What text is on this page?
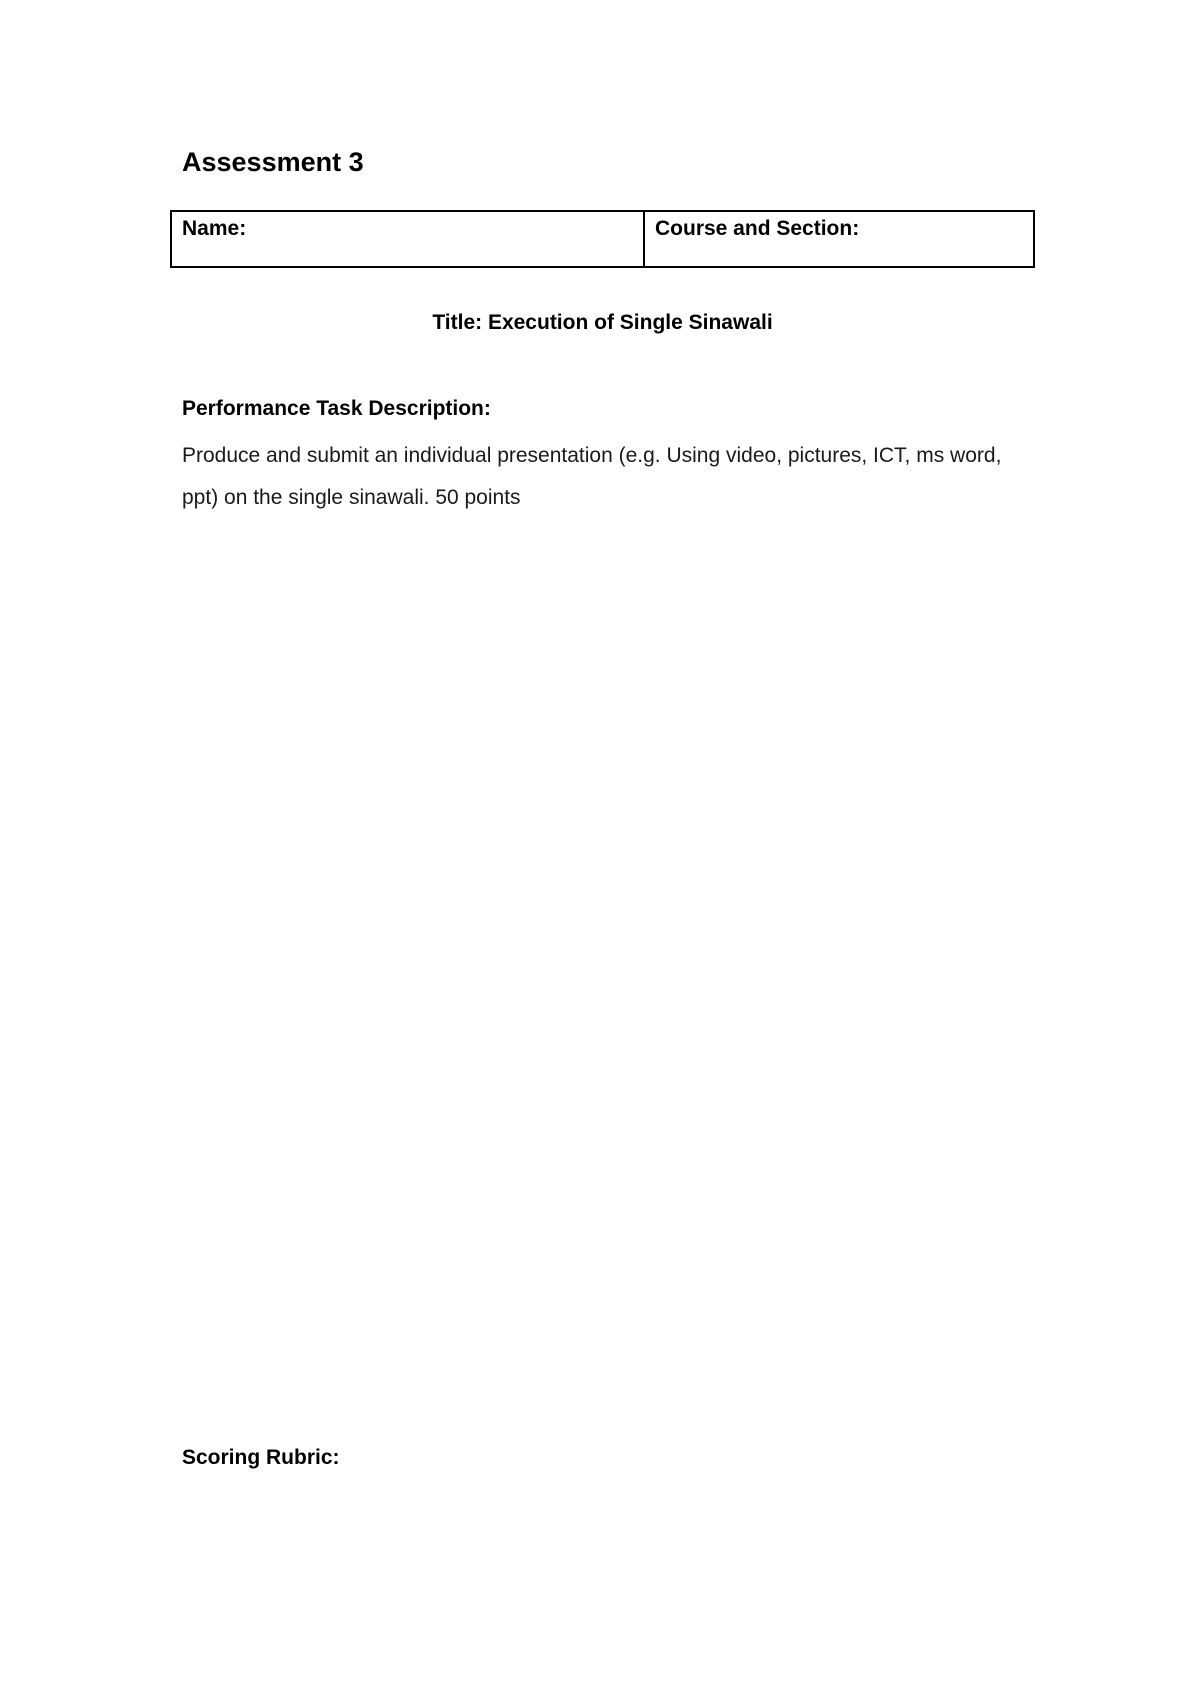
Assessment 3
Name:	Course and Section:

Title: Execution of Single Sinawali

Performance Task Description:

Produce and submit an individual presentation (e.g. Using video, pictures, ICT, ms word, ppt) on the single sinawali. 50 points

Scoring Rubric:
